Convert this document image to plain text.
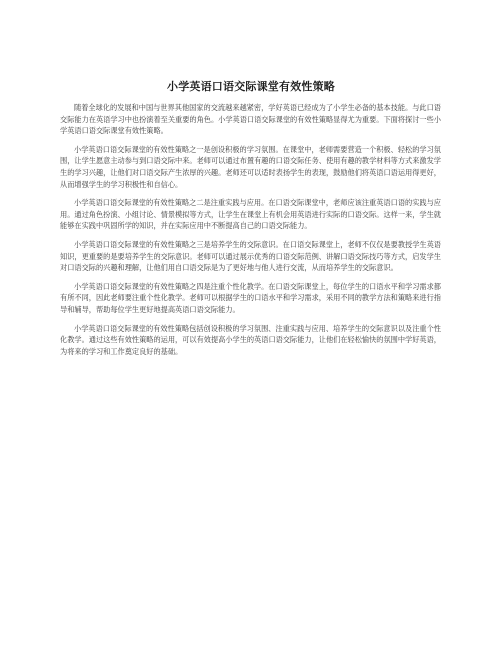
小学英语口语交际课堂有效性策略

随着全球化的发展和中国与世界其他国家的交流越来越紧密，学好英语已经成为了小学生必备的基本技能。与此口语交际能力在英语学习中也扮演着至关重要的角色。小学英语口语交际课堂的有效性策略显得尤为重要。下面将探讨一些小学英语口语交际课堂有效性策略。

小学英语口语交际课堂的有效性策略之一是创设积极的学习氛围。在课堂中，老师需要营造一个积极、轻松的学习氛围，让学生愿意主动参与到口语交际中来。老师可以通过布置有趣的口语交际任务、使用有趣的教学材料等方式来激发学生的学习兴趣，让他们对口语交际产生浓厚的兴趣。老师还可以适时表扬学生的表现，鼓励他们将英语口语运用得更好，从而增强学生的学习积极性和自信心。

小学英语口语交际课堂的有效性策略之二是注重实践与应用。在口语交际课堂中，老师应该注重英语口语的实践与应用。通过角色扮演、小组讨论、情景模拟等方式，让学生在课堂上有机会用英语进行实际的口语交际。这样一来，学生就能够在实践中巩固所学的知识，并在实际应用中不断提高自己的口语交际能力。

小学英语口语交际课堂的有效性策略之三是培养学生的交际意识。在口语交际课堂上，老师不仅仅是要教授学生英语知识，更重要的是要培养学生的交际意识。老师可以通过展示优秀的口语交际范例、讲解口语交际技巧等方式，启发学生对口语交际的兴趣和理解，让他们用自口语交际是为了更好地与他人进行交流，从而培养学生的交际意识。

小学英语口语交际课堂的有效性策略之四是注重个性化教学。在口语交际课堂上，每位学生的口语水平和学习需求都有所不同，因此老师要注重个性化教学。老师可以根据学生的口语水平和学习需求，采用不同的教学方法和策略来进行指导和辅导，帮助每位学生更好地提高英语口语交际能力。

小学英语口语交际课堂的有效性策略包括创设积极的学习氛围、注重实践与应用、培养学生的交际意识以及注重个性化教学。通过这些有效性策略的运用，可以有效提高小学生的英语口语交际能力，让他们在轻松愉快的氛围中学好英语，为将来的学习和工作奠定良好的基础。
